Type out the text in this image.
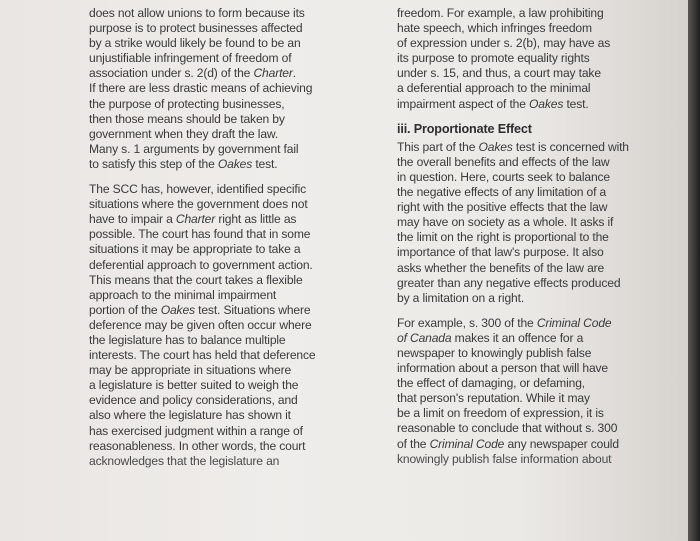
does not allow unions to form because its
purpose is to protect businesses affected
by a strike would likely be found to be an
unjustifiable infringement of freedom of
association under s. 2(d) of the Charter.
If there are less drastic means of achieving
the purpose of protecting businesses,
then those means should be taken by
government when they draft the law.
Many s. 1 arguments by government fail
to satisfy this step of the Oakes test.
The SCC has, however, identified specific
situations where the government does not
have to impair a Charter right as little as
possible. The court has found that in some
situations it may be appropriate to take a
deferential approach to government action.
This means that the court takes a flexible
approach to the minimal impairment
portion of the Oakes test. Situations where
deference may be given often occur where
the legislature has to balance multiple
interests. The court has held that deference
may be appropriate in situations where
a legislature is better suited to weigh the
evidence and policy considerations, and
also where the legislature has shown it
has exercised judgment within a range of
reasonableness. In other words, the court
acknowledges that the legislature an
freedom. For example, a law prohibiting
hate speech, which infringes freedom
of expression under s. 2(b), may have as
its purpose to promote equality rights
under s. 15, and thus, a court may take
a deferential approach to the minimal
impairment aspect of the Oakes test.
iii. Proportionate Effect
This part of the Oakes test is concerned with
the overall benefits and effects of the law
in question. Here, courts seek to balance
the negative effects of any limitation of a
right with the positive effects that the law
may have on society as a whole. It asks if
the limit on the right is proportional to the
importance of that law's purpose. It also
asks whether the benefits of the law are
greater than any negative effects produced
by a limitation on a right.
For example, s. 300 of the Criminal Code
of Canada makes it an offence for a
newspaper to knowingly publish false
information about a person that will have
the effect of damaging, or defaming,
that person's reputation. While it may
be a limit on freedom of expression, it is
reasonable to conclude that without s. 300
of the Criminal Code any newspaper could
knowingly publish false information about
